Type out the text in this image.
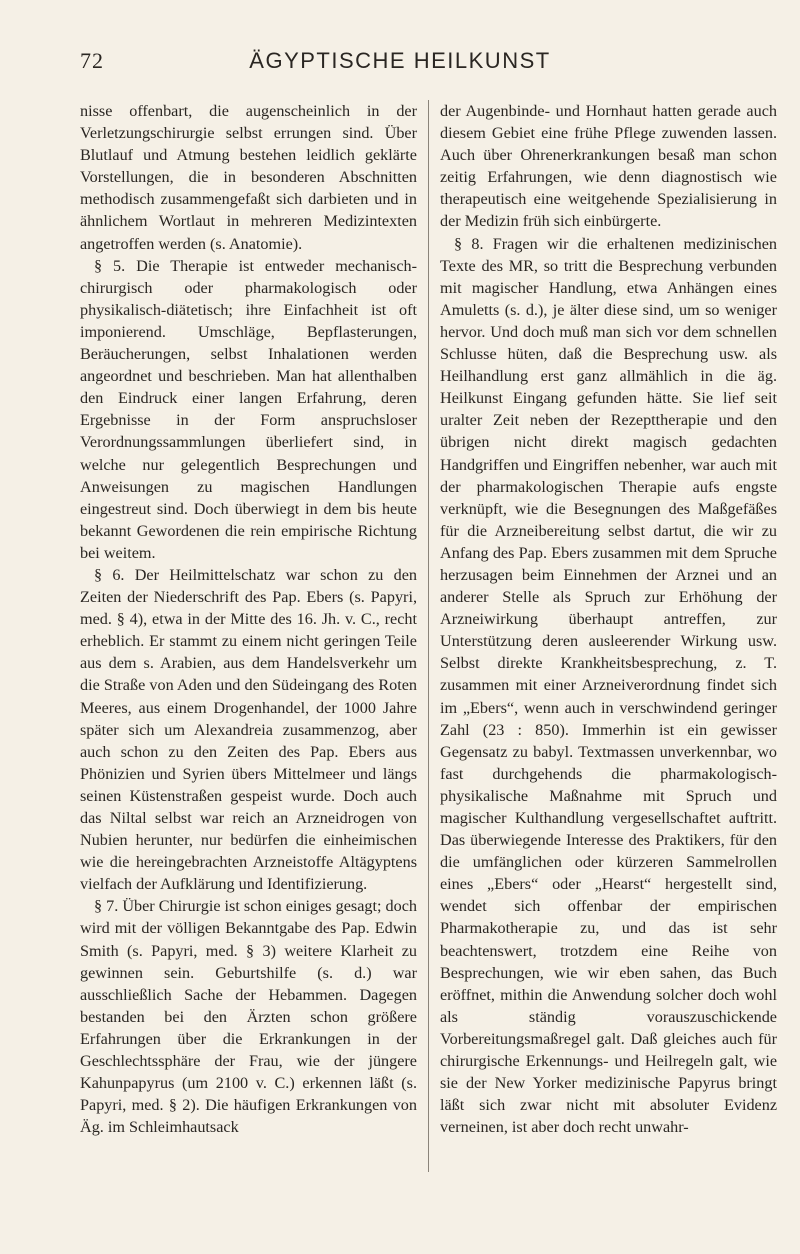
72	ÄGYPTISCHE HEILKUNST

nisse offenbart, die augenscheinlich in der Verletzungschirurgie selbst errungen sind. Über Blutlauf und Atmung bestehen leidlich geklärte Vorstellungen, die in besonderen Abschnitten methodisch zusammengefaßt sich darbieten und in ähnlichem Wortlaut in mehreren Medizintexten angetroffen werden (s. Anatomie).

§ 5. Die Therapie ist entweder mechanisch-chirurgisch oder pharmakologisch oder physikalisch-diätetisch; ihre Einfachheit ist oft imponierend. Umschläge, Bepflasterungen, Beräucherungen, selbst Inhalationen werden angeordnet und beschrieben. Man hat allenthalben den Eindruck einer langen Erfahrung, deren Ergebnisse in der Form anspruchsloser Verordnungssammlungen überliefert sind, in welche nur gelegentlich Besprechungen und Anweisungen zu magischen Handlungen eingestreut sind. Doch überwiegt in dem bis heute bekannt Gewordenen die rein empirische Richtung bei weitem.

§ 6. Der Heilmittelschatz war schon zu den Zeiten der Niederschrift des Pap. Ebers (s. Papyri, med. § 4), etwa in der Mitte des 16. Jh. v. C., recht erheblich. Er stammt zu einem nicht geringen Teile aus dem s. Arabien, aus dem Handelsverkehr um die Straße von Aden und den Südeingang des Roten Meeres, aus einem Drogenhandel, der 1000 Jahre später sich um Alexandreia zusammenzog, aber auch schon zu den Zeiten des Pap. Ebers aus Phönizien und Syrien übers Mittelmeer und längs seinen Küstenstraßen gespeist wurde. Doch auch das Niltal selbst war reich an Arzneidrogen von Nubien herunter, nur bedürfen die einheimischen wie die hereingebrachten Arzneistoffe Altägyptens vielfach der Aufklärung und Identifizierung.

§ 7. Über Chirurgie ist schon einiges gesagt; doch wird mit der völligen Bekanntgabe des Pap. Edwin Smith (s. Papyri, med. § 3) weitere Klarheit zu gewinnen sein. Geburtshilfe (s. d.) war ausschließlich Sache der Hebammen. Dagegen bestanden bei den Ärzten schon größere Erfahrungen über die Erkrankungen in der Geschlechtssphäre der Frau, wie der jüngere Kahunpapyrus (um 2100 v. C.) erkennen läßt (s. Papyri, med. § 2). Die häufigen Erkrankungen von Äg. im Schleimhautsack

der Augenbinde- und Hornhaut hatten gerade auch diesem Gebiet eine frühe Pflege zuwenden lassen. Auch über Ohrenerkrankungen besaß man schon zeitig Erfahrungen, wie denn diagnostisch wie therapeutisch eine weitgehende Spezialisierung in der Medizin früh sich einbürgerte.

§ 8. Fragen wir die erhaltenen medizinischen Texte des MR, so tritt die Besprechung verbunden mit magischer Handlung, etwa Anhängen eines Amuletts (s. d.), je älter diese sind, um so weniger hervor. Und doch muß man sich vor dem schnellen Schlusse hüten, daß die Besprechung usw. als Heilhandlung erst ganz allmählich in die äg. Heilkunst Eingang gefunden hätte. Sie lief seit uralter Zeit neben der Rezepttherapie und den übrigen nicht direkt magisch gedachten Handgriffen und Eingriffen nebenher, war auch mit der pharmakologischen Therapie aufs engste verknüpft, wie die Besegnungen des Maßgefäßes für die Arzneibereitung selbst dartut, die wir zu Anfang des Pap. Ebers zusammen mit dem Spruche herzusagen beim Einnehmen der Arznei und an anderer Stelle als Spruch zur Erhöhung der Arzneiwirkung überhaupt antreffen, zur Unterstützung deren ausleerender Wirkung usw. Selbst direkte Krankheitsbesprechung, z. T. zusammen mit einer Arzneiverordnung findet sich im „Ebers“, wenn auch in verschwindend geringer Zahl (23 : 850). Immerhin ist ein gewisser Gegensatz zu babyl. Textmassen unverkennbar, wo fast durchgehends die pharmakologisch-physikalische Maßnahme mit Spruch und magischer Kulthandlung vergesellschaftet auftritt. Das überwiegende Interesse des Praktikers, für den die umfänglichen oder kürzeren Sammelrollen eines „Ebers“ oder „Hearst“ hergestellt sind, wendet sich offenbar der empirischen Pharmakotherapie zu, und das ist sehr beachtenswert, trotzdem eine Reihe von Besprechungen, wie wir eben sahen, das Buch eröffnet, mithin die Anwendung solcher doch wohl als ständig vorauszuschickende Vorbereitungsmaßregel galt. Daß gleiches auch für chirurgische Erkennungs- und Heilregeln galt, wie sie der New Yorker medizinische Papyrus bringt läßt sich zwar nicht mit absoluter Evidenz verneinen, ist aber doch recht unwahr-
